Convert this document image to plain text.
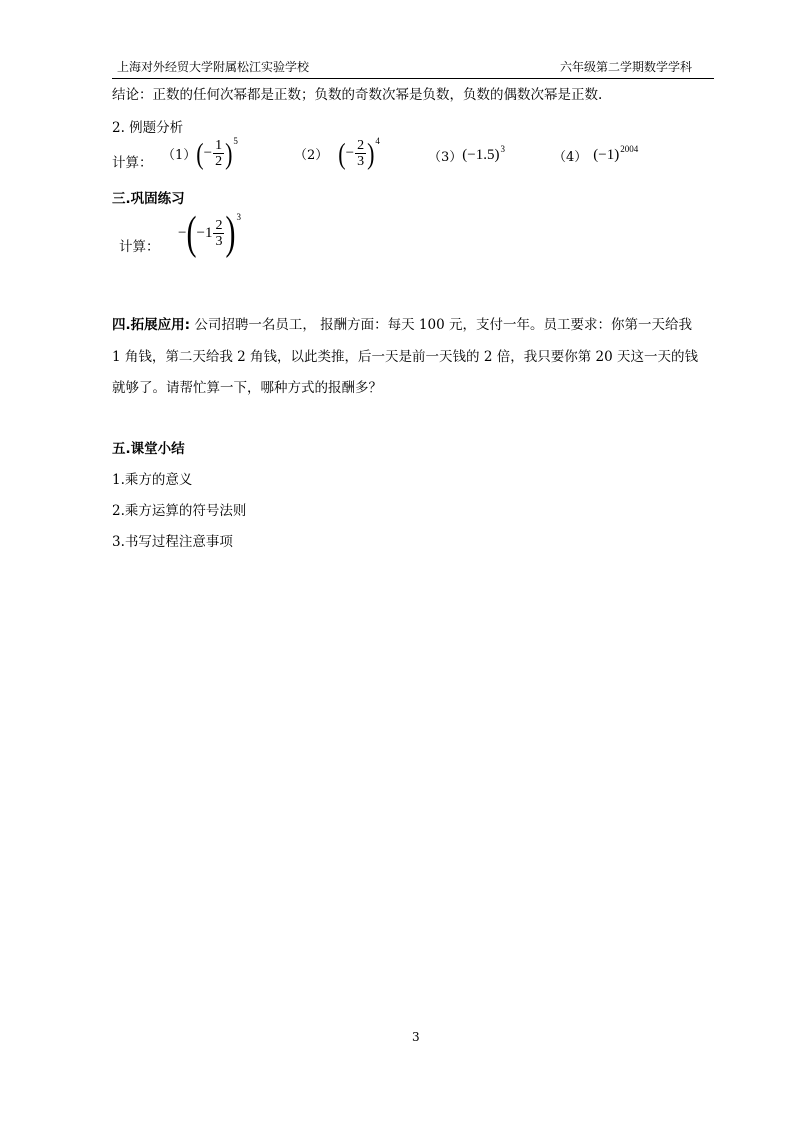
上海对外经贸大学附属松江实验学校	六年级第二学期数学学科
结论：正数的任何次幂都是正数；负数的奇数次幂是负数，负数的偶数次幂是正数.
2. 例题分析
计算： （1） ( − $\frac{1}{2} )^5$
（2） ( − $\frac{2}{3} )^4$
（3） $(-1.5)^3$
（4） $(-1)^{2004}$
三.巩固练习
计算：
− ( − $1 \frac{2}{3} )^3$
四.拓展应用: 公司招聘一名员工， 报酬方面：每天 100 元，支付一年。员工要求：你第一天给我
1 角钱，第二天给我 2 角钱，以此类推，后一天是前一天钱的 2 倍，我只要你第 20 天这一天的钱
就够了。请帮忙算一下，哪种方式的报酬多？
五.课堂小结
1.乘方的意义
2.乘方运算的符号法则
3.书写过程注意事项
3
